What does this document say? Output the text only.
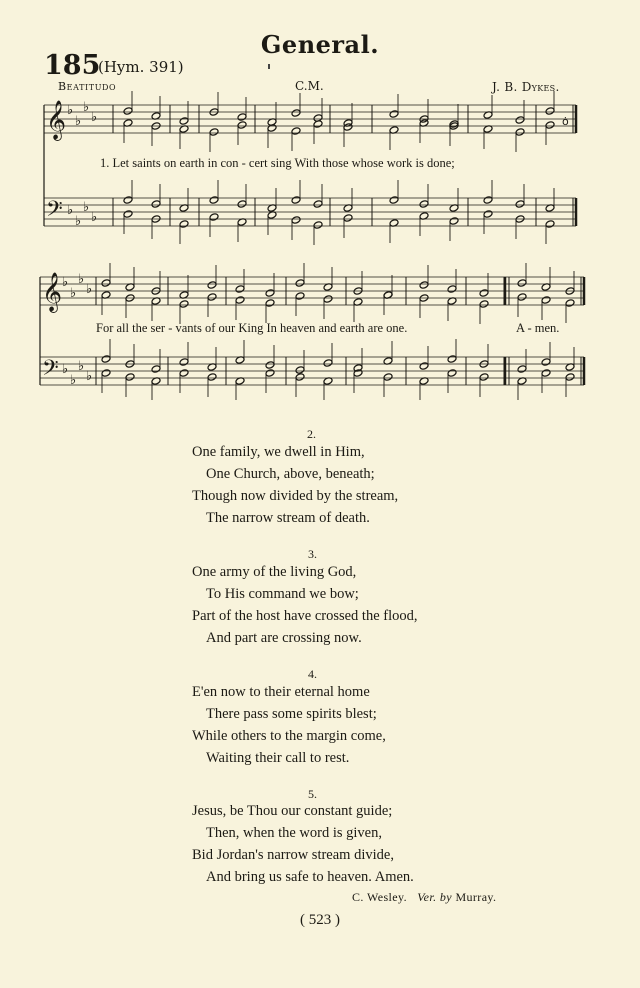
General.
185
(Hym. 391)
Beatitudo	C.M.	J. B. Dykes.
𝄞
𝄢
♭
♭
♭
♭
♭
♭
♭
♭
ȯ
𝄞
𝄢
♭
♭
♭
♭
♭
♭
♭
♭
1. Let saints on earth in con - cert sing With those whose work is done;
For all the ser - vants of our King In heaven and earth are one.	A - men.
2.
One family, we dwell in Him,
One Church, above, beneath;
Though now divided by the stream,
The narrow stream of death.
3.
One army of the living God,
To His command we bow;
Part of the host have crossed the flood,
And part are crossing now.
4.
E'en now to their eternal home
There pass some spirits blest;
While others to the margin come,
Waiting their call to rest.
5.
Jesus, be Thou our constant guide;
Then, when the word is given,
Bid Jordan's narrow stream divide,
And bring us safe to heaven. Amen.
C. Wesley. Ver. by Murray.
( 523 )
